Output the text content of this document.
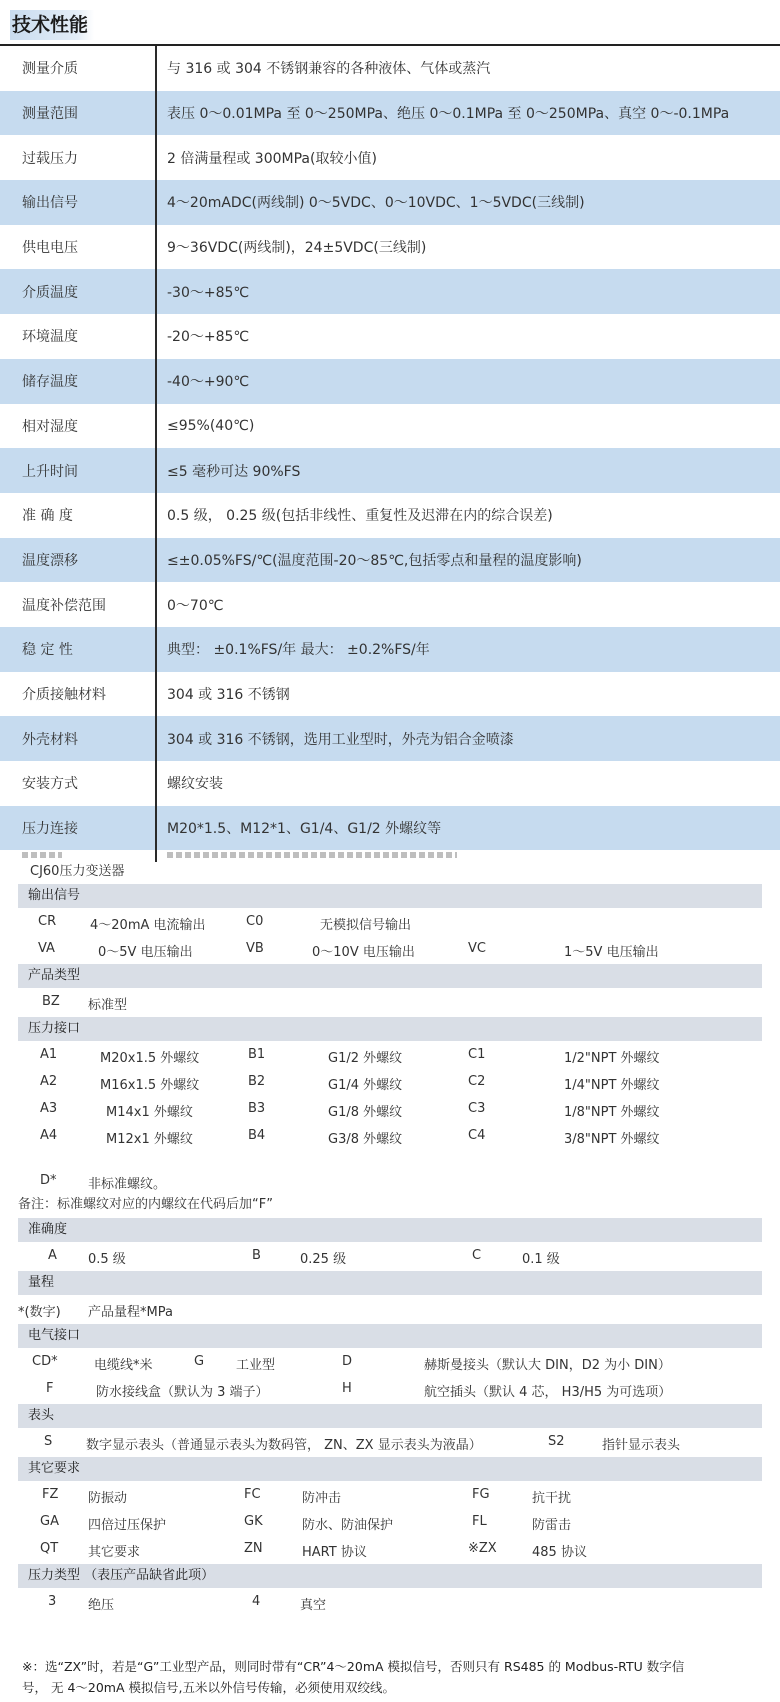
技术性能
测量介质	与 316 或 304 不锈钢兼容的各种液体、气体或蒸汽
测量范围	表压 0～0.01MPa 至 0～250MPa、绝压 0～0.1MPa 至 0～250MPa、真空 0～-0.1MPa
过载压力	2 倍满量程或 300MPa(取较小值)
输出信号	4～20mADC(两线制) 0～5VDC、0～10VDC、1～5VDC(三线制)
供电电压	9～36VDC(两线制)，24±5VDC(三线制)
介质温度	-30～+85℃
环境温度	-20～+85℃
储存温度	-40～+90℃
相对湿度	≤95%(40℃)
上升时间	≤5 毫秒可达 90%FS
准 确 度	0.5 级， 0.25 级(包括非线性、重复性及迟滞在内的综合误差)
温度漂移	≤±0.05%FS/℃(温度范围-20～85℃,包括零点和量程的温度影响)
温度补偿范围	0～70℃
稳 定 性	典型： ±0.1%FS/年 最大： ±0.2%FS/年
介质接触材料	304 或 316 不锈钢
外壳材料	304 或 316 不锈钢，选用工业型时，外壳为铝合金喷漆
安装方式	螺纹安装
压力连接	M20*1.5、M12*1、G1/4、G1/2 外螺纹等
CJ60压力变送器
输出信号
CR	4～20mA 电流输出	C0	无模拟信号输出
VA	0～5V 电压输出	VB	0～10V 电压输出	VC	1～5V 电压输出
产品类型
BZ 标准型
压力接口
A1	M20x1.5 外螺纹	B1	G1/2 外螺纹	C1	1/2"NPT 外螺纹
A2	M16x1.5 外螺纹	B2	G1/4 外螺纹	C2	1/4"NPT 外螺纹
A3	M14x1 外螺纹	B3	G1/8 外螺纹	C3	1/8"NPT 外螺纹
A4	M12x1 外螺纹	B4	G3/8 外螺纹	C4	3/8"NPT 外螺纹
D* 非标准螺纹。
备注：标准螺纹对应的内螺纹在代码后加“F”
准确度
A 0.5 级	B	0.25 级	C	0.1 级
量程
*(数字) 产品量程*MPa
电气接口
CD*	电缆线*米	G 工业型	D	赫斯曼接头（默认大 DIN，D2 为小 DIN）
F	防水接线盒（默认为 3 端子）	H	航空插头（默认 4 芯， H3/H5 为可选项）
表头
S	数字显示表头（普通显示表头为数码管， ZN、ZX 显示表头为液晶）	S2	指针显示表头
其它要求
FZ 防振动	FC	防冲击	FG	抗干扰
GA 四倍过压保护	GK	防水、防油保护	FL	防雷击
QT 其它要求	ZN	HART 协议	※ZX	485 协议
压力类型 （表压产品缺省此项）
3 绝压	4	真空
※：选“ZX”时，若是“G”工业型产品，则同时带有“CR”4～20mA 模拟信号，否则只有 RS485 的 Modbus-RTU 数字信
号， 无 4～20mA 模拟信号,五米以外信号传输，必须使用双绞线。
